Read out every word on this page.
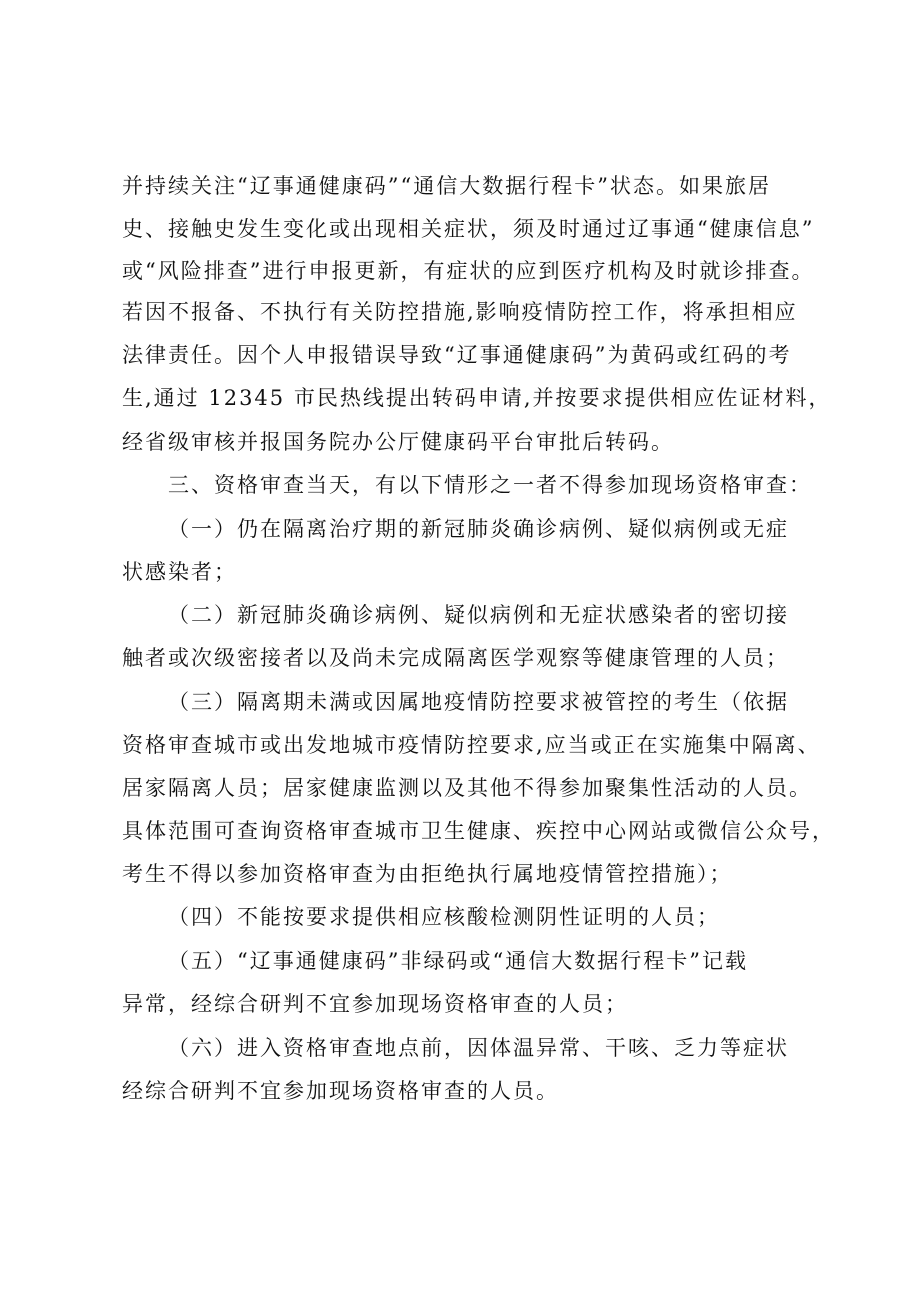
并持续关注“辽事通健康码”“通信大数据行程卡”状态。如果旅居
史、接触史发生变化或出现相关症状，须及时通过辽事通“健康信息”
或“风险排查”进行申报更新，有症状的应到医疗机构及时就诊排查。
若因不报备、不执行有关防控措施,影响疫情防控工作，将承担相应
法律责任。因个人申报错误导致“辽事通健康码”为黄码或红码的考
生,通过 12345 市民热线提出转码申请,并按要求提供相应佐证材料，
经省级审核并报国务院办公厅健康码平台审批后转码。
三、资格审查当天，有以下情形之一者不得参加现场资格审查：
（一）仍在隔离治疗期的新冠肺炎确诊病例、疑似病例或无症
状感染者；
（二）新冠肺炎确诊病例、疑似病例和无症状感染者的密切接
触者或次级密接者以及尚未完成隔离医学观察等健康管理的人员；
（三）隔离期未满或因属地疫情防控要求被管控的考生（依据
资格审查城市或出发地城市疫情防控要求,应当或正在实施集中隔离、
居家隔离人员；居家健康监测以及其他不得参加聚集性活动的人员。
具体范围可查询资格审查城市卫生健康、疾控中心网站或微信公众号，
考生不得以参加资格审查为由拒绝执行属地疫情管控措施）；
（四）不能按要求提供相应核酸检测阴性证明的人员；
（五）“辽事通健康码”非绿码或“通信大数据行程卡”记载
异常，经综合研判不宜参加现场资格审查的人员；
（六）进入资格审查地点前，因体温异常、干咳、乏力等症状
经综合研判不宜参加现场资格审查的人员。
